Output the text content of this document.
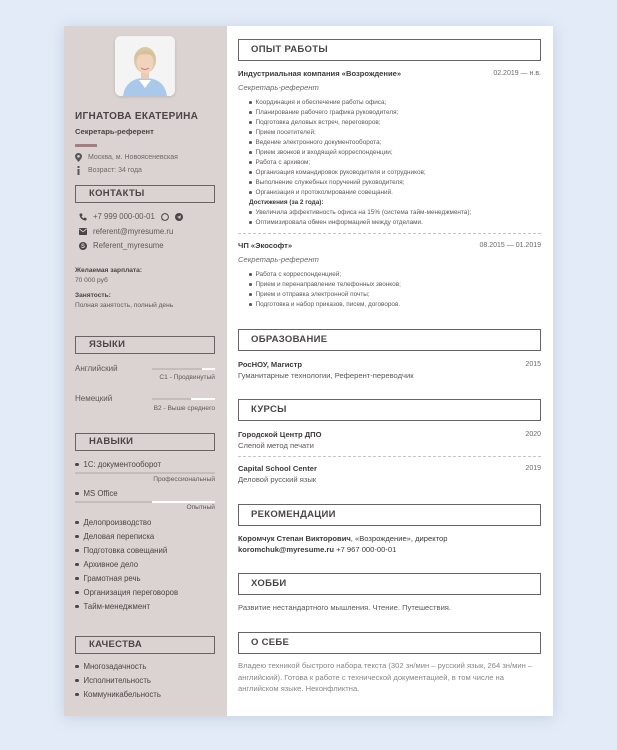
ИГНАТОВА ЕКАТЕРИНА
Секретарь-референт
Москва, м. Новоясеневская
Возраст: 34 года
КОНТАКТЫ
+7 999 000-00-01
referent@myresume.ru
S Referent_myresume
Желаемая зарплата:
70 000 руб
Занятость:
Полная занятость, полный день
ЯЗЫКИ
Английский
C1 - Продвинутый
Немецкий
B2 - Выше среднего
НАВЫКИ
1С: документооборот
Профессиональный
MS Office
Опытный
Делопроизводство
Деловая переписка
Подготовка совещаний
Архивное дело
Грамотная речь
Организация переговоров
Тайм-менеджмент
КАЧЕСТВА
Многозадачность
Исполнительность
Коммуникабельность
ОПЫТ РАБОТЫ
Индустриальная компания «Возрождение»	02.2019 — н.в.
Секретарь-референт
Координация и обеспечение работы офиса;
Планирование рабочего графика руководителя;
Подготовка деловых встреч, переговоров;
Прием посетителей;
Ведение электронного документооборота;
Прием звонков и входящей корреспонденции;
Работа с архивом;
Организация командировок руководителя и сотрудников;
Выполнение служебных поручений руководителя;
Организация и протоколирование совещаний.
Достижения (за 2 года):
Увеличила эффективность офиса на 15% (система тайм-менеджмента);
Оптимизировала обмен информацией между отделами.
ЧП «Экософт»	08.2015 — 01.2019
Секретарь-референт
Работа с корреспонденцией;
Прием и перенаправление телефонных звонков;
Прием и отправка электронной почты;
Подготовка и набор приказов, писем, договоров.
ОБРАЗОВАНИЕ
РосНОУ, Магистр	2015
Гуманитарные технологии, Референт-переводчик
КУРСЫ
Городской Центр ДПО	2020
Слепой метод печати
Capital School Center	2019
Деловой русский язык
РЕКОМЕНДАЦИИ
Коромчук Степан Викторович, «Возрождение», директор
koromchuk@myresume.ru +7 967 000-00-01
ХОББИ
Развитие нестандартного мышления. Чтение. Путешествия.
О СЕБЕ
Владею техникой быстрого набора текста (302 зн/мин – русский язык, 264 зн/мин – английский). Готова к работе с технической документацией, в том числе на английском языке. Неконфликтна.
